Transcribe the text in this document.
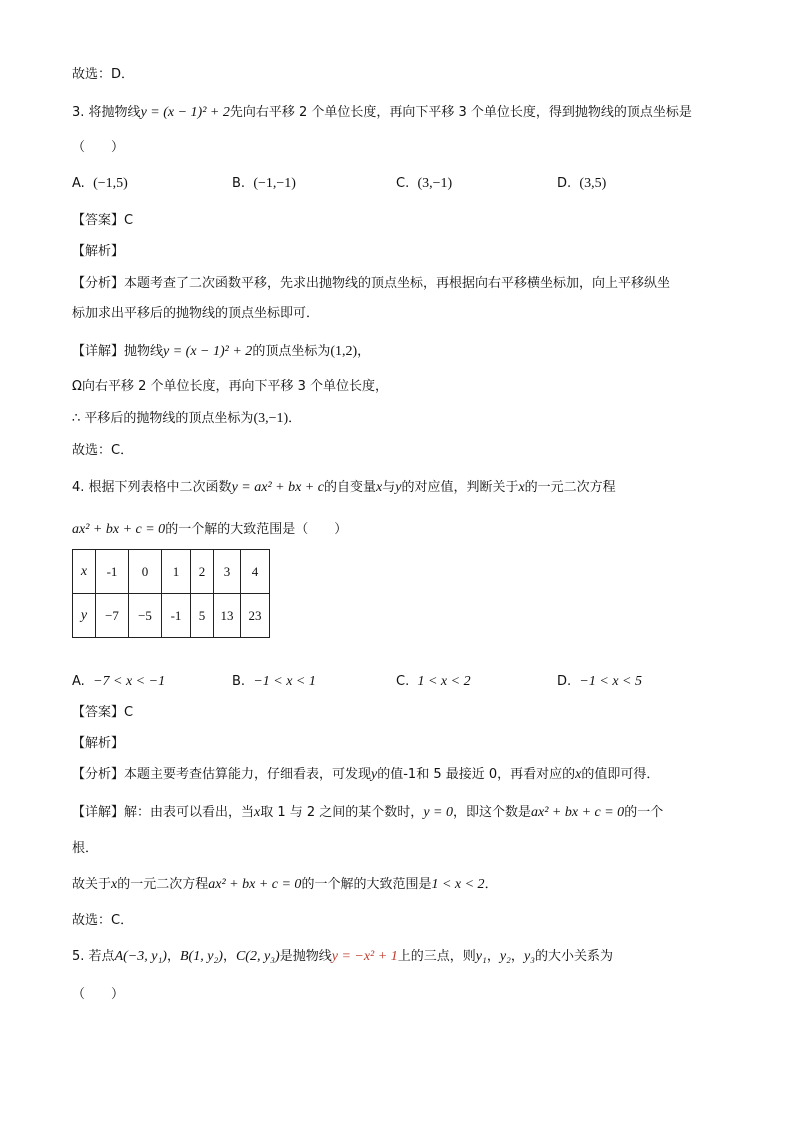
故选：D．
3. 将抛物线y = (x − 1)² + 2先向右平移 2 个单位长度，再向下平移 3 个单位长度，得到抛物线的顶点坐标是
（　　）
A. (−1,5)	B. (−1,−1)	C. (3,−1)	D. (3,5)
【答案】C
【解析】
【分析】本题考查了二次函数平移，先求出抛物线的顶点坐标，再根据向右平移横坐标加，向上平移纵坐
标加求出平移后的抛物线的顶点坐标即可．
【详解】抛物线y = (x − 1)² + 2的顶点坐标为(1,2)，
Ω向右平移 2 个单位长度，再向下平移 3 个单位长度，
∴ 平移后的抛物线的顶点坐标为(3,−1)．
故选：C．
4. 根据下列表格中二次函数y = ax² + bx + c的自变量x与y的对应值，判断关于x的一元二次方程
ax² + bx + c = 0的一个解的大致范围是（　　）
x	-1	0	1	2	3	4
y	−7	−5	-1	5	13	23
A. −7 < x < −1	B. −1 < x < 1	C. 1 < x < 2	D. −1 < x < 5
【答案】C
【解析】
【分析】本题主要考查估算能力，仔细看表，可发现y的值-1和 5 最接近 0，再看对应的x的值即可得．
【详解】解：由表可以看出，当x取 1 与 2 之间的某个数时，y = 0，即这个数是ax² + bx + c = 0的一个
根．
故关于x的一元二次方程ax² + bx + c = 0的一个解的大致范围是1 < x < 2．
故选：C．
5. 若点A(−3, y₁)，B(1, y₂)，C(2, y₃)是抛物线y = −x² + 1上的三点，则y₁，y₂，y₃的大小关系为
（　　）
